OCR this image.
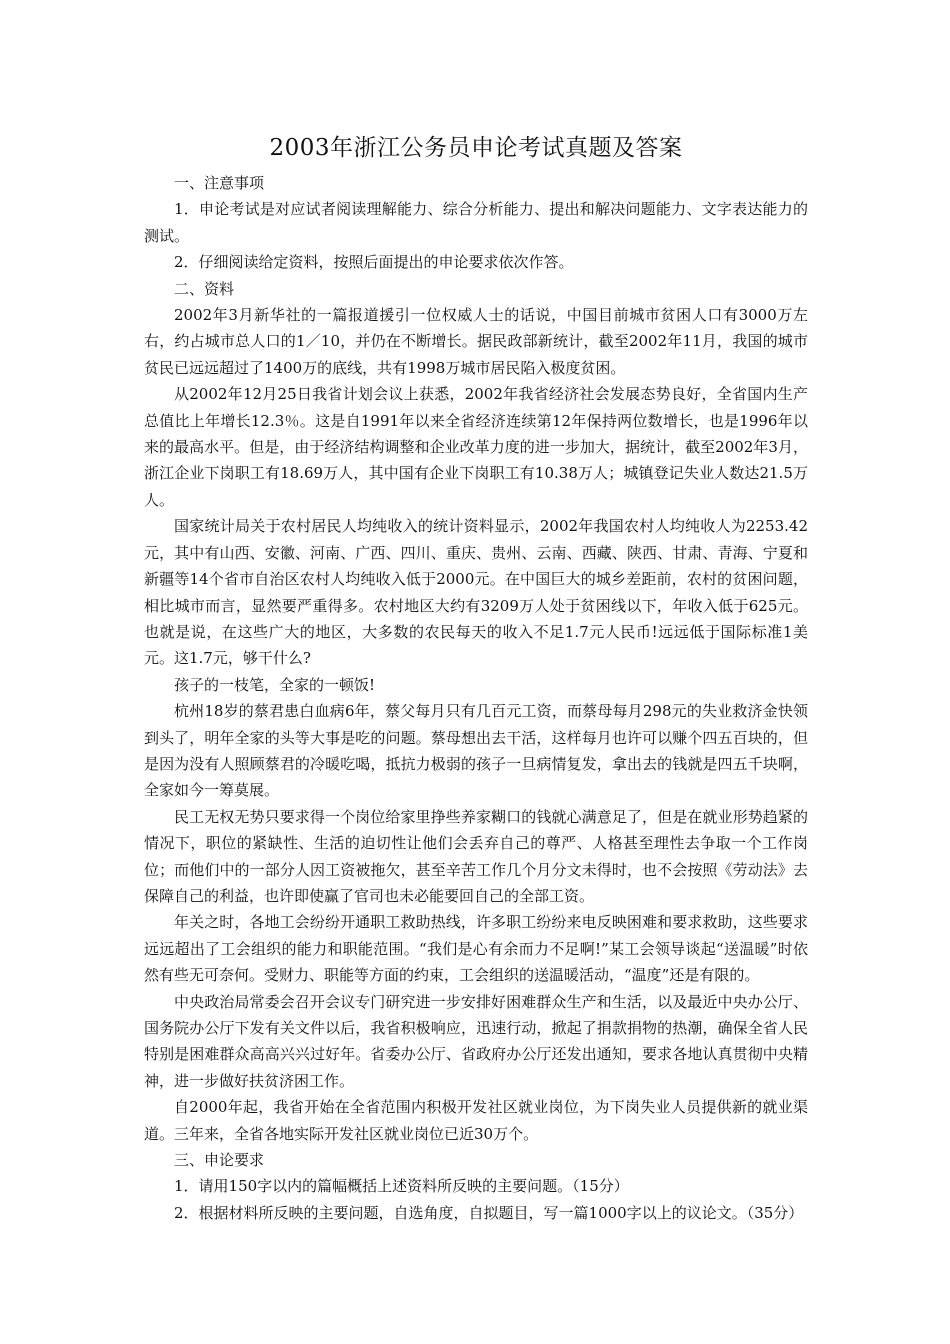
2003年浙江公务员申论考试真题及答案

一、注意事项

1．申论考试是对应试者阅读理解能力、综合分析能力、提出和解决问题能力、文字表达能力的测试。

2．仔细阅读给定资料，按照后面提出的申论要求依次作答。

二、资料

2002年3月新华社的一篇报道援引一位权威人士的话说，中国目前城市贫困人口有3000万左右，约占城市总人口的1／10，并仍在不断增长。据民政部新统计，截至2002年11月，我国的城市贫民已远远超过了1400万的底线，共有1998万城市居民陷入极度贫困。

从2002年12月25日我省计划会议上获悉，2002年我省经济社会发展态势良好，全省国内生产总值比上年增长12.3％。这是自1991年以来全省经济连续第12年保持两位数增长，也是1996年以来的最高水平。但是，由于经济结构调整和企业改革力度的进一步加大，据统计，截至2002年3月，浙江企业下岗职工有18.69万人，其中国有企业下岗职工有10.38万人；城镇登记失业人数达21.5万人。

国家统计局关于农村居民人均纯收入的统计资料显示，2002年我国农村人均纯收人为2253.42元，其中有山西、安徽、河南、广西、四川、重庆、贵州、云南、西藏、陕西、甘肃、青海、宁夏和新疆等14个省市自治区农村人均纯收入低于2000元。在中国巨大的城乡差距前，农村的贫困问题，相比城市而言，显然要严重得多。农村地区大约有3209万人处于贫困线以下，年收入低于625元。也就是说，在这些广大的地区，大多数的农民每天的收入不足1.7元人民币!远远低于国际标准1美元。这1.7元，够干什么?

孩子的一枝笔，全家的一顿饭!

杭州18岁的蔡君患白血病6年，蔡父每月只有几百元工资，而蔡母每月298元的失业救济金快领到头了，明年全家的头等大事是吃的问题。蔡母想出去干活，这样每月也许可以赚个四五百块的，但是因为没有人照顾蔡君的冷暖吃喝，抵抗力极弱的孩子一旦病情复发，拿出去的钱就是四五千块啊，全家如今一筹莫展。

民工无权无势只要求得一个岗位给家里挣些养家糊口的钱就心满意足了，但是在就业形势趋紧的情况下，职位的紧缺性、生活的迫切性让他们会丢弃自己的尊严、人格甚至理性去争取一个工作岗位；而他们中的一部分人因工资被拖欠，甚至辛苦工作几个月分文未得时，也不会按照《劳动法》去保障自己的利益，也许即使赢了官司也未必能要回自己的全部工资。

年关之时，各地工会纷纷开通职工救助热线，许多职工纷纷来电反映困难和要求救助，这些要求远远超出了工会组织的能力和职能范围。“我们是心有余而力不足啊!”某工会领导谈起“送温暖”时依然有些无可奈何。受财力、职能等方面的约束，工会组织的送温暖活动，“温度”还是有限的。

中央政治局常委会召开会议专门研究进一步安排好困难群众生产和生活，以及最近中央办公厅、国务院办公厅下发有关文件以后，我省积极响应，迅速行动，掀起了捐款捐物的热潮，确保全省人民特别是困难群众高高兴兴过好年。省委办公厅、省政府办公厅还发出通知，要求各地认真贯彻中央精神，进一步做好扶贫济困工作。

自2000年起，我省开始在全省范围内积极开发社区就业岗位，为下岗失业人员提供新的就业渠道。三年来，全省各地实际开发社区就业岗位已近30万个。

三、申论要求

1．请用150字以内的篇幅概括上述资料所反映的主要问题。（15分）

2．根据材料所反映的主要问题，自选角度，自拟题目，写一篇1000字以上的议论文。（35分）
